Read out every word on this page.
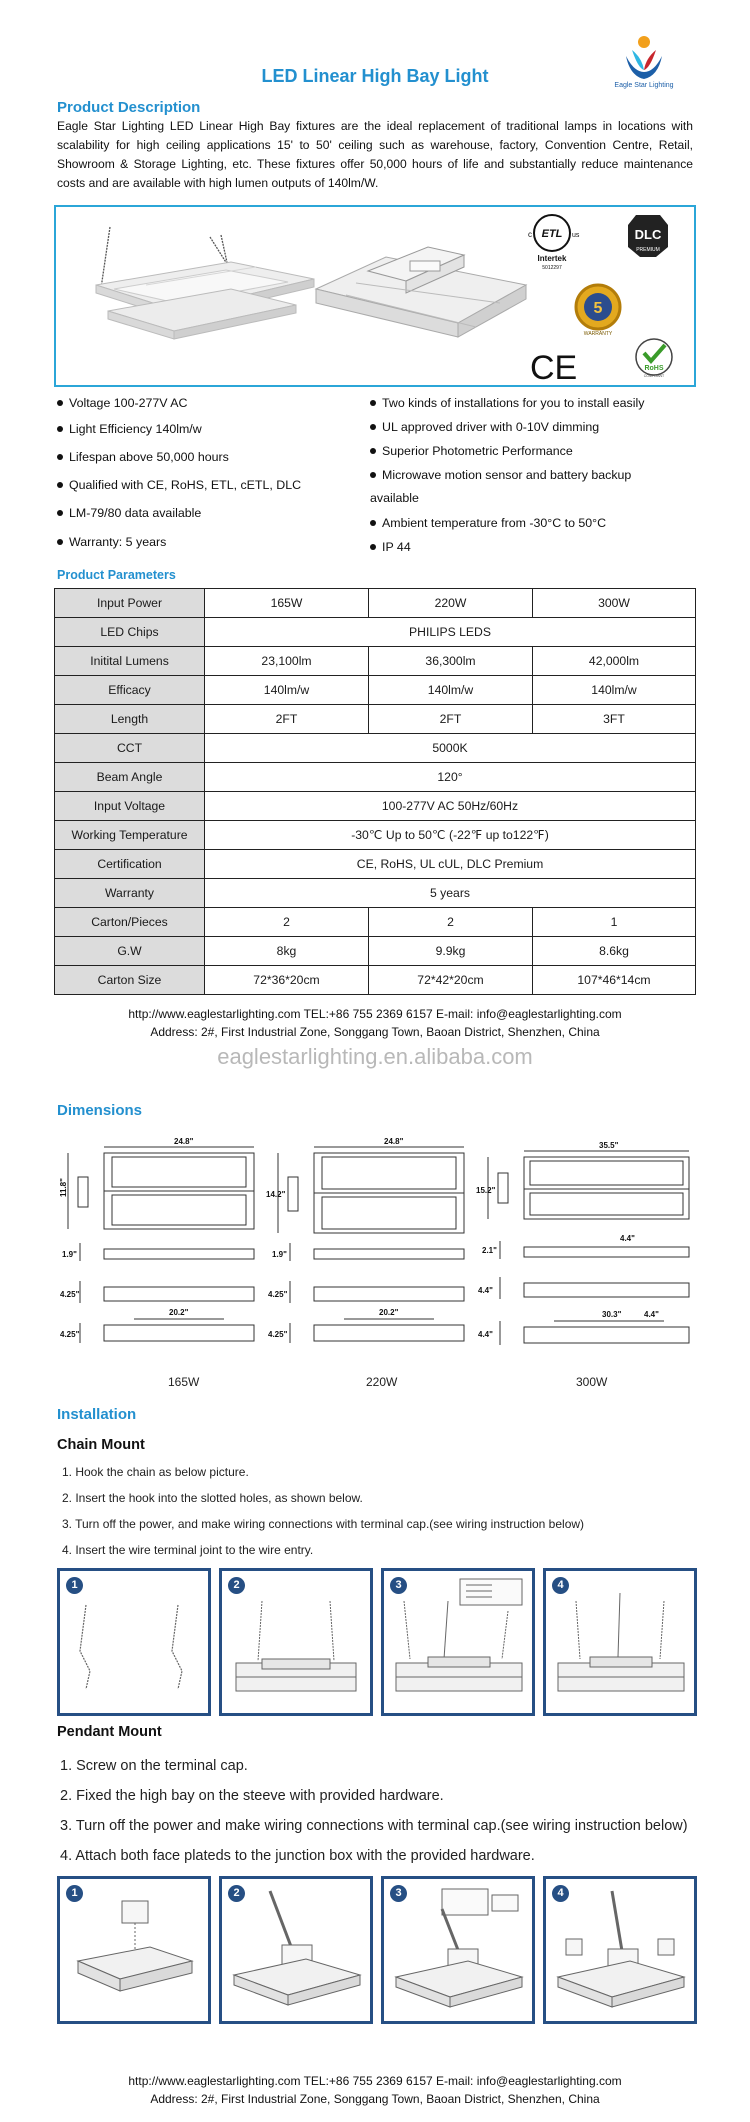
LED Linear High Bay Light	Eagle Star Lighting
Product Description
Eagle Star Lighting LED Linear High Bay fixtures are the ideal replacement of traditional lamps in locations with scalability for high ceiling applications 15' to 50' ceiling such as warehouse, factory, Convention Centre, Retail, Showroom & Storage Lighting, etc. These fixtures offer 50,000 hours of life and substantially reduce maintenance costs and are available with high lumen outputs of 140lm/W.
c ETL us
Intertek
5012297
DLC
PREMIUM
5
WARRANTY
CE	RoHS
COMPLIANT
Voltage 100-277V AC
Light Efficiency 140lm/w
Lifespan above 50,000 hours
Qualified with CE, RoHS, ETL, cETL, DLC
LM-79/80 data available
Warranty: 5 years
Two kinds of installations for you to install easily
UL approved driver with 0-10V dimming
Superior Photometric Performance
Microwave motion sensor and battery backup
available
Ambient temperature from -30°C to 50°C
IP 44
Product Parameters
Input Power	165W	220W	300W
LED Chips	PHILIPS LEDS		
Initital Lumens	23,100lm	36,300lm	42,000lm
Efficacy	140lm/w	140lm/w	140lm/w
Length	2FT	2FT	3FT
CCT	5000K		
Beam Angle	120°		
Input Voltage	100-277V AC 50Hz/60Hz		
Working Temperature	-30℃ Up to 50℃ (-22℉ up to122℉)		
Certification	CE, RoHS, UL cUL, DLC Premium		
Warranty	5 years		
Carton/Pieces	2	2	1
G.W	8kg	9.9kg	8.6kg
Carton Size	72*36*20cm	72*42*20cm	107*46*14cm
http://www.eaglestarlighting.com TEL:+86 755 2369 6157 E-mail: info@eaglestarlighting.com
Address: 2#, First Industrial Zone, Songgang Town, Baoan District, Shenzhen, China
eaglestarlighting.en.alibaba.com
Dimensions
24.8"
11.8"
1.9"
4.25"
20.2"
4.25"
24.8"
14.2"
1.9"
4.25"
20.2"
4.25"
35.5"
15.2"
2.1"
4.4"
4.4"
30.3"
4.4"
4.4"
165W	220W	300W
Installation
Chain Mount
1. Hook the chain as below picture.
2. Insert the hook into the slotted holes, as shown below.
3. Turn off the power, and make wiring connections with terminal cap.(see wiring instruction below)
4. Insert the wire terminal joint to the wire entry.
1	2	3	4
Pendant Mount
1. Screw on the terminal cap.
2. Fixed the high bay on the steeve with provided hardware.
3. Turn off the power and make wiring connections with terminal cap.(see wiring instruction below)
4. Attach both face plateds to the junction box with the provided hardware.
1	2	3	4
http://www.eaglestarlighting.com TEL:+86 755 2369 6157 E-mail: info@eaglestarlighting.com
Address: 2#, First Industrial Zone, Songgang Town, Baoan District, Shenzhen, China
